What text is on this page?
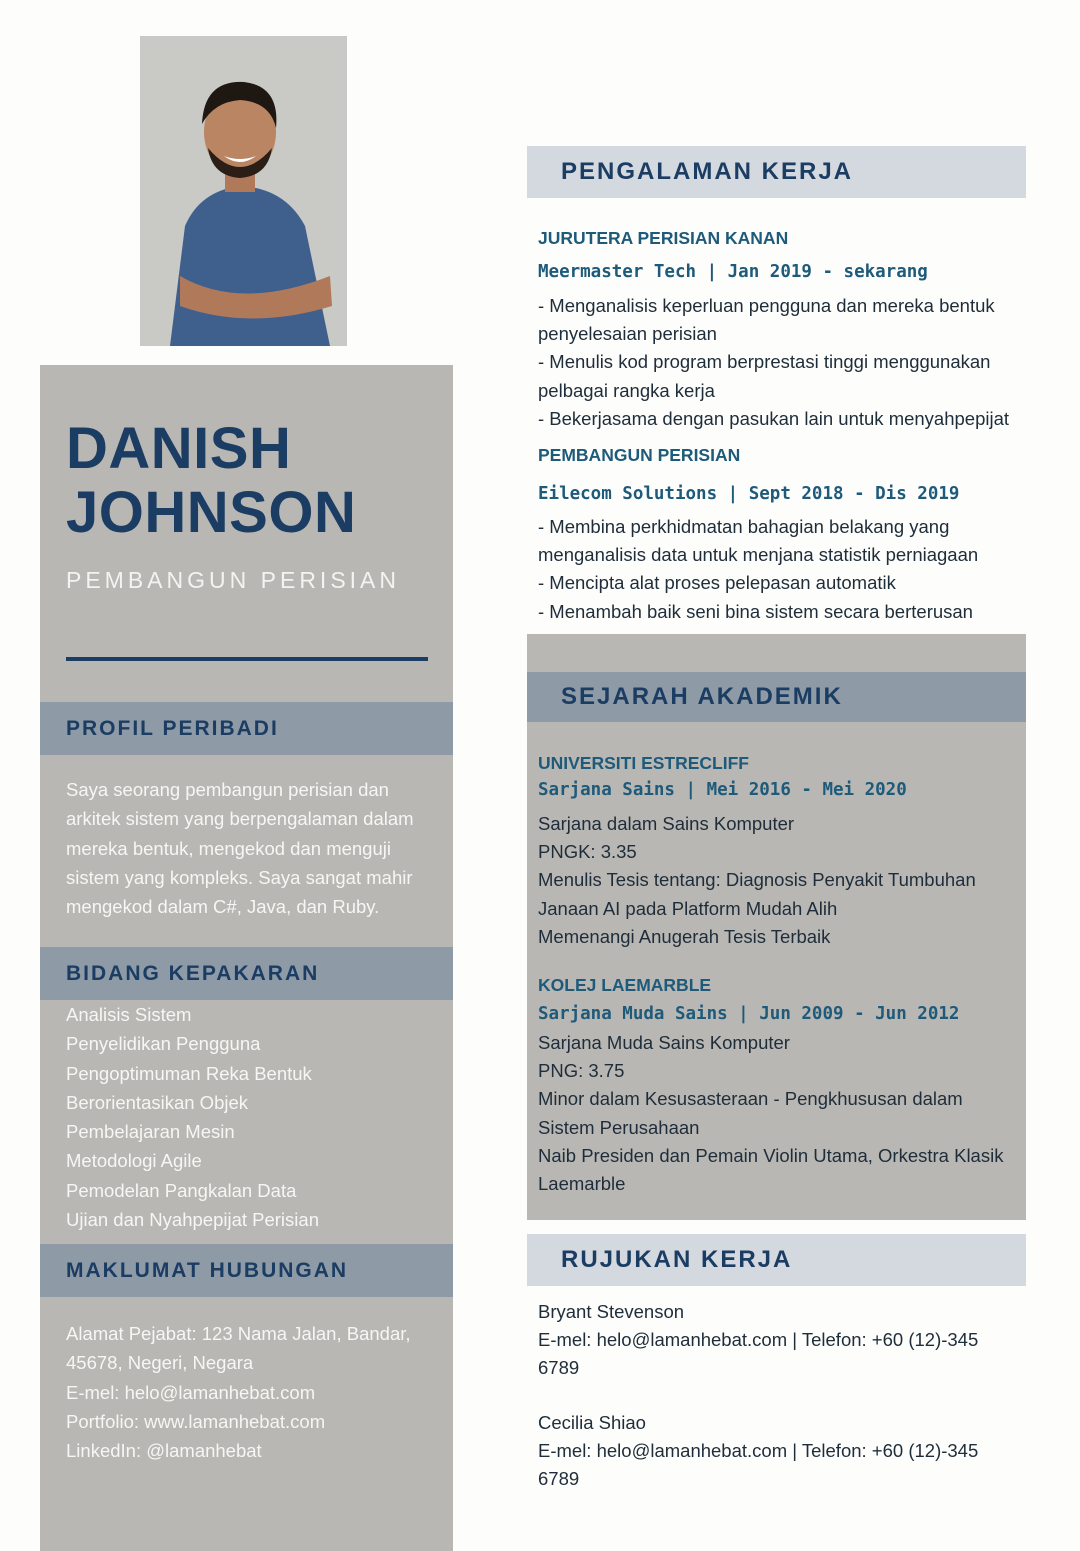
DANISH
JOHNSON
PEMBANGUN PERISIAN
PROFIL PERIBADI
Saya seorang pembangun perisian dan
arkitek sistem yang berpengalaman dalam
mereka bentuk, mengekod dan menguji
sistem yang kompleks. Saya sangat mahir
mengekod dalam C#, Java, dan Ruby.
BIDANG KEPAKARAN
Analisis Sistem
Penyelidikan Pengguna
Pengoptimuman Reka Bentuk
Berorientasikan Objek
Pembelajaran Mesin
Metodologi Agile
Pemodelan Pangkalan Data
Ujian dan Nyahpepijat Perisian
MAKLUMAT HUBUNGAN
Alamat Pejabat: 123 Nama Jalan, Bandar,
45678, Negeri, Negara
E-mel: helo@lamanhebat.com
Portfolio: www.lamanhebat.com
LinkedIn: @lamanhebat
PENGALAMAN KERJA
JURUTERA PERISIAN KANAN
Meermaster Tech | Jan 2019 - sekarang
- Menganalisis keperluan pengguna dan mereka bentuk
penyelesaian perisian
- Menulis kod program berprestasi tinggi menggunakan
pelbagai rangka kerja
- Bekerjasama dengan pasukan lain untuk menyahpepijat
PEMBANGUN PERISIAN
Eilecom Solutions | Sept 2018 - Dis 2019
- Membina perkhidmatan bahagian belakang yang
menganalisis data untuk menjana statistik perniagaan
- Mencipta alat proses pelepasan automatik
- Menambah baik seni bina sistem secara berterusan
SEJARAH AKADEMIK
UNIVERSITI ESTRECLIFF
Sarjana Sains | Mei 2016 - Mei 2020
Sarjana dalam Sains Komputer
PNGK: 3.35
Menulis Tesis tentang: Diagnosis Penyakit Tumbuhan
Janaan AI pada Platform Mudah Alih
Memenangi Anugerah Tesis Terbaik
KOLEJ LAEMARBLE
Sarjana Muda Sains | Jun 2009 - Jun 2012
Sarjana Muda Sains Komputer
PNG: 3.75
Minor dalam Kesusasteraan - Pengkhususan dalam
Sistem Perusahaan
Naib Presiden dan Pemain Violin Utama, Orkestra Klasik
Laemarble
RUJUKAN KERJA
Bryant Stevenson
E-mel: helo@lamanhebat.com | Telefon: +60 (12)-345
6789
Cecilia Shiao
E-mel: helo@lamanhebat.com | Telefon: +60 (12)-345
6789
